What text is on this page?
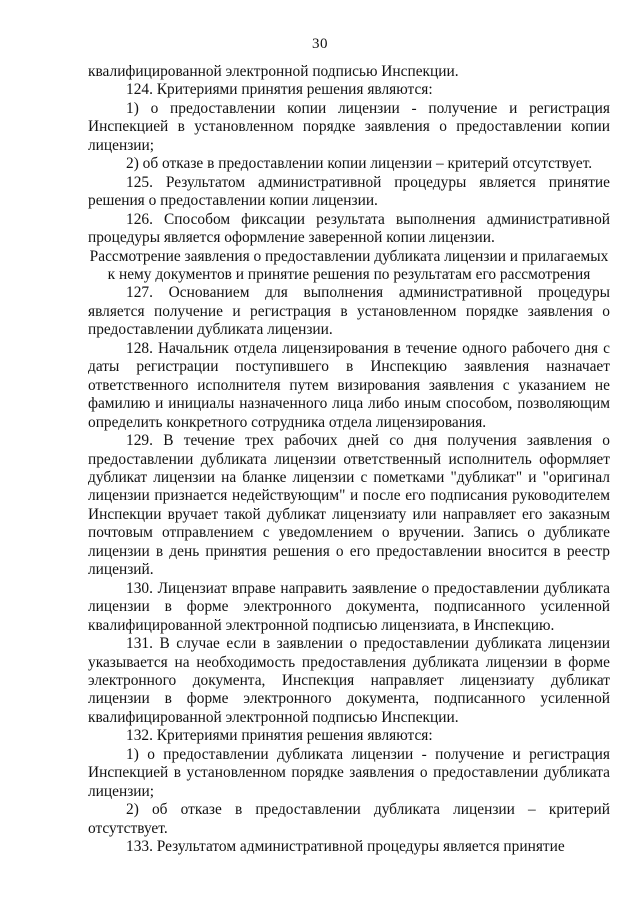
30

квалифицированной электронной подписью Инспекции.

124. Критериями принятия решения являются:

1) о предоставлении копии лицензии - получение и регистрация Инспекцией в установленном порядке заявления о предоставлении копии лицензии;

2) об отказе в предоставлении копии лицензии – критерий отсутствует.

125. Результатом административной процедуры является принятие решения о предоставлении копии лицензии.

126. Способом фиксации результата выполнения административной процедуры является оформление заверенной копии лицензии.

Рассмотрение заявления о предоставлении дубликата лицензии и прилагаемых к нему документов и принятие решения по результатам его рассмотрения

127. Основанием для выполнения административной процедуры является получение и регистрация в установленном порядке заявления о предоставлении дубликата лицензии.

128. Начальник отдела лицензирования в течение одного рабочего дня с даты регистрации поступившего в Инспекцию заявления назначает ответственного исполнителя путем визирования заявления с указанием не фамилию и инициалы назначенного лица либо иным способом, позволяющим определить конкретного сотрудника отдела лицензирования.

129. В течение трех рабочих дней со дня получения заявления о предоставлении дубликата лицензии ответственный исполнитель оформляет дубликат лицензии на бланке лицензии с пометками "дубликат" и "оригинал лицензии признается недействующим" и после его подписания руководителем Инспекции вручает такой дубликат лицензиату или направляет его заказным почтовым отправлением с уведомлением о вручении. Запись о дубликате лицензии в день принятия решения о его предоставлении вносится в реестр лицензий.

130. Лицензиат вправе направить заявление о предоставлении дубликата лицензии в форме электронного документа, подписанного усиленной квалифицированной электронной подписью лицензиата, в Инспекцию.

131. В случае если в заявлении о предоставлении дубликата лицензии указывается на необходимость предоставления дубликата лицензии в форме электронного документа, Инспекция направляет лицензиату дубликат лицензии в форме электронного документа, подписанного усиленной квалифицированной электронной подписью Инспекции.

132. Критериями принятия решения являются:

1) о предоставлении дубликата лицензии - получение и регистрация Инспекцией в установленном порядке заявления о предоставлении дубликата лицензии;

2) об отказе в предоставлении дубликата лицензии – критерий отсутствует.

133. Результатом административной процедуры является принятие
